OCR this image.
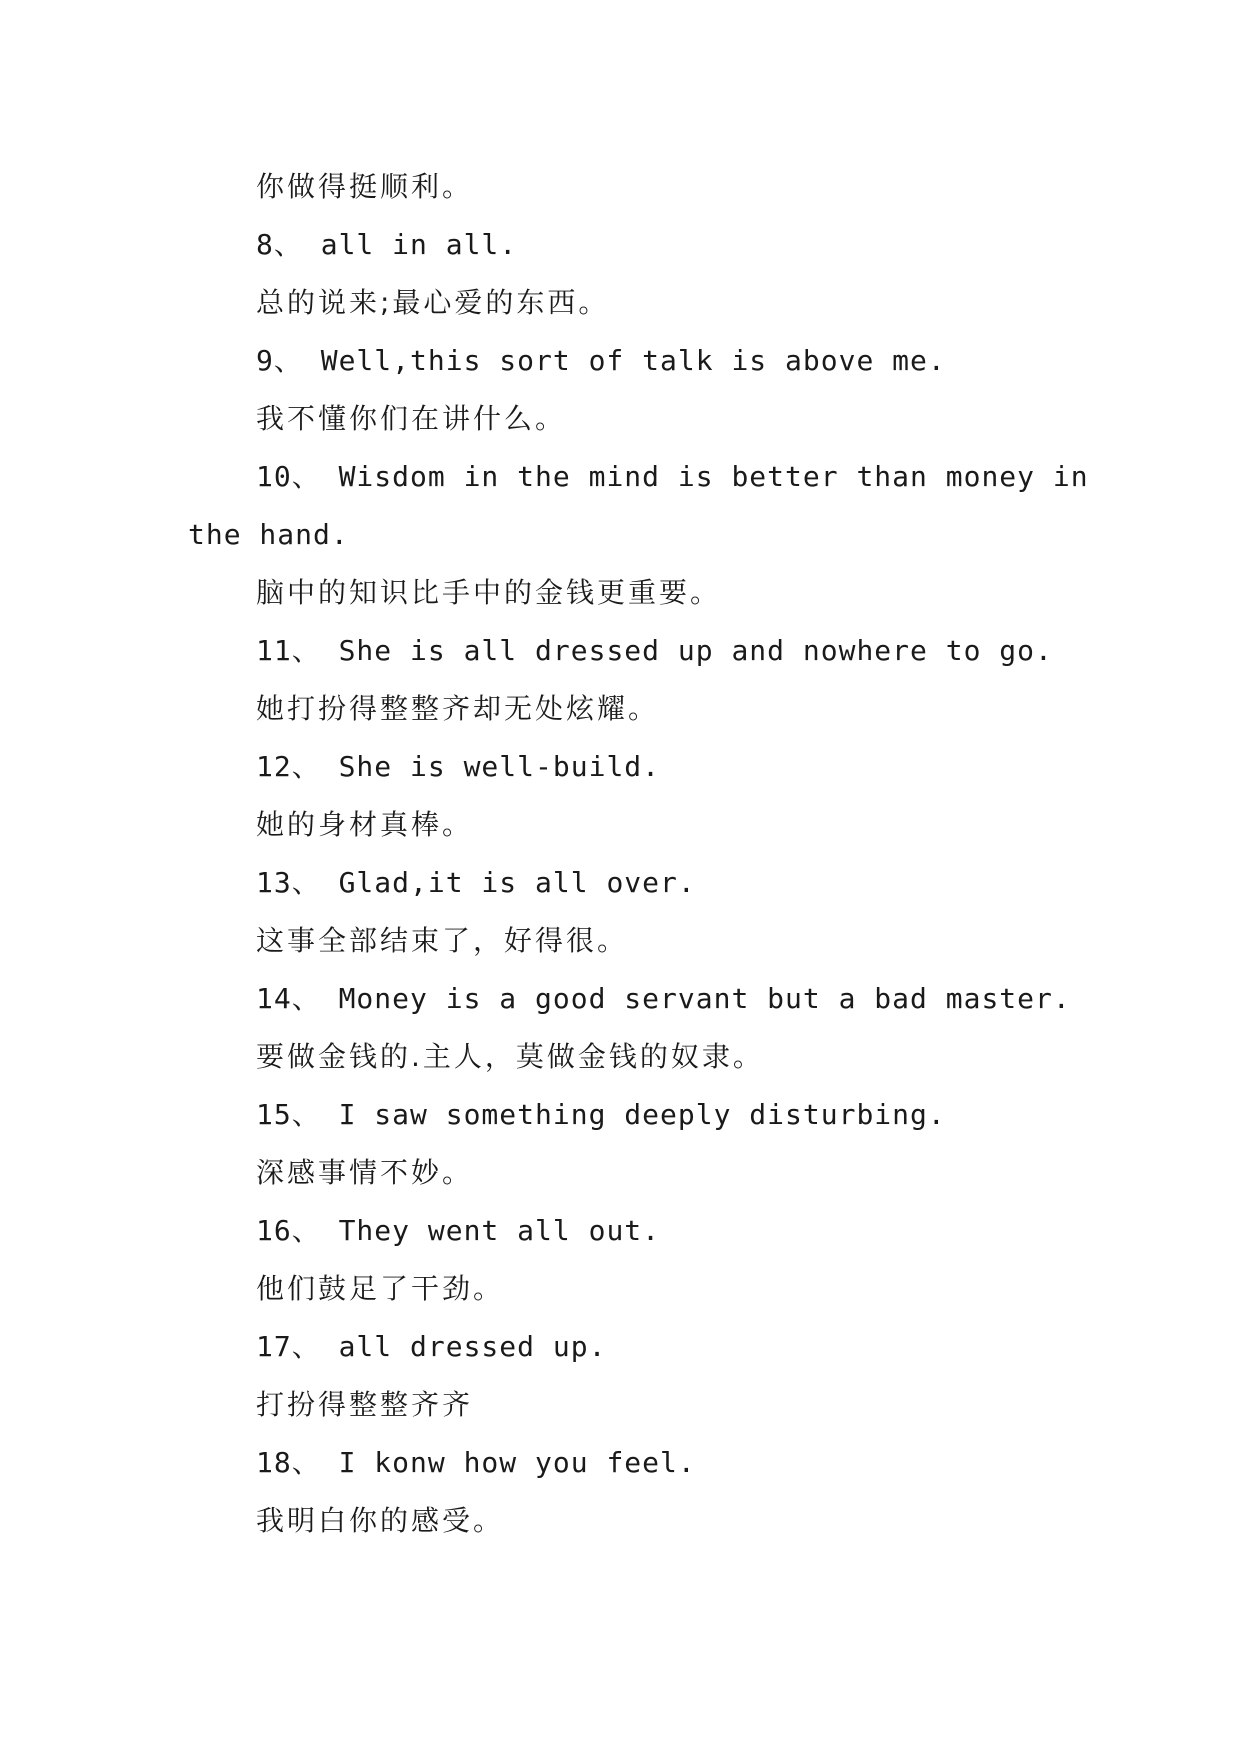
你做得挺顺利。
8、 all in all.
总的说来;最心爱的东西。
9、 Well,this sort of talk is above me.
我不懂你们在讲什么。
10、 Wisdom in the mind is better than money in
the hand.
脑中的知识比手中的金钱更重要。
11、 She is all dressed up and nowhere to go.
她打扮得整整齐却无处炫耀。
12、 She is well-build.
她的身材真棒。
13、 Glad,it is all over.
这事全部结束了，好得很。
14、 Money is a good servant but a bad master.
要做金钱的.主人，莫做金钱的奴隶。
15、 I saw something deeply disturbing.
深感事情不妙。
16、 They went all out.
他们鼓足了干劲。
17、 all dressed up.
打扮得整整齐齐
18、 I konw how you feel.
我明白你的感受。
